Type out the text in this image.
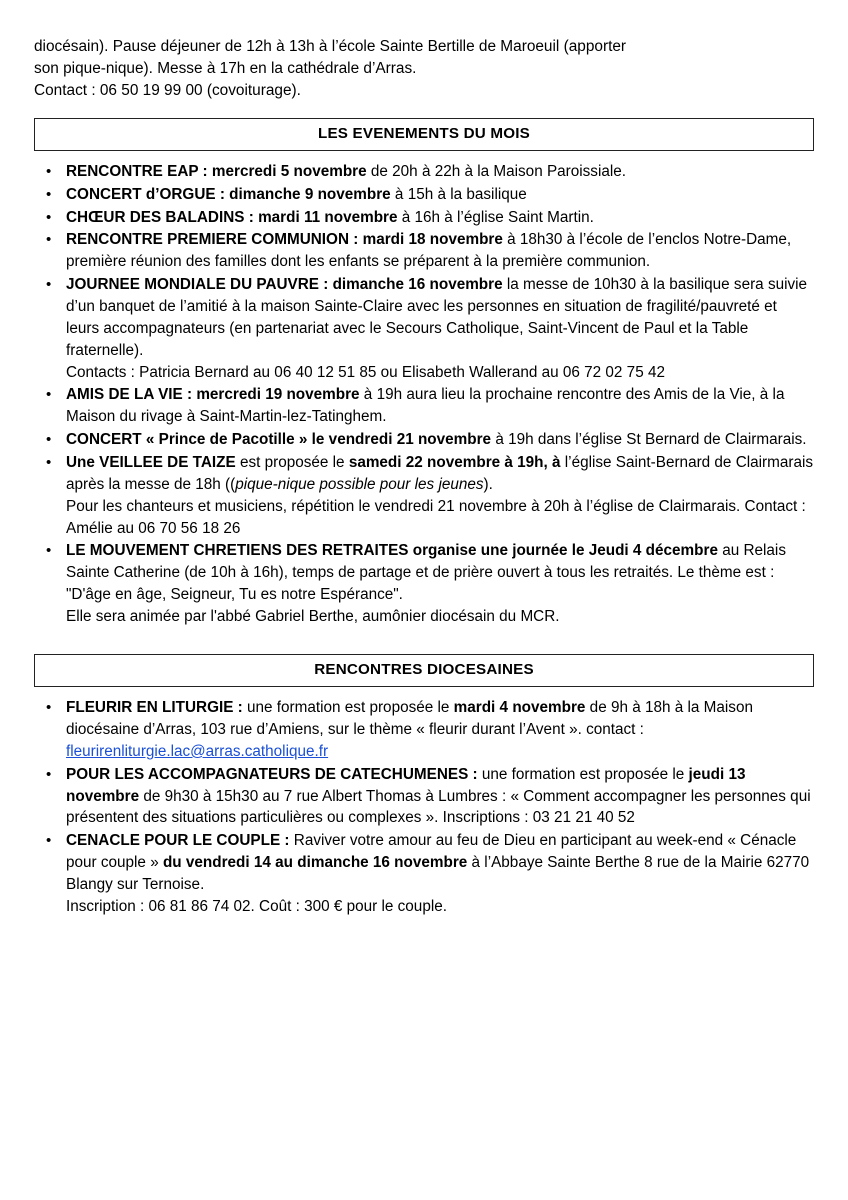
diocésain). Pause déjeuner de 12h à 13h à l’école Sainte Bertille de Maroeuil (apporter

son pique-nique). Messe à 17h en la cathédrale d’Arras.

Contact : 06 50 19 99 00 (covoiturage).

LES EVENEMENTS DU MOIS
• RENCONTRE EAP : mercredi 5 novembre de 20h à 22h à la Maison Paroissiale.
• CONCERT d’ORGUE : dimanche 9 novembre à 15h à la basilique
• CHŒUR DES BALADINS : mardi 11 novembre à 16h à l’église Saint Martin.
• RENCONTRE PREMIERE COMMUNION : mardi 18 novembre à 18h30 à l’école de l’enclos Notre-Dame, première réunion des familles dont les enfants se préparent à la première communion.
• JOURNEE MONDIALE DU PAUVRE : dimanche 16 novembre la messe de 10h30 à la basilique sera suivie d’un banquet de l’amitié à la maison Sainte-Claire avec les personnes en situation de fragilité/pauvreté et leurs accompagnateurs (en partenariat avec le Secours Catholique, Saint-Vincent de Paul et la Table fraternelle).
Contacts : Patricia Bernard au 06 40 12 51 85 ou Elisabeth Wallerand au 06 72 02 75 42
• AMIS DE LA VIE : mercredi 19 novembre à 19h aura lieu la prochaine rencontre des Amis de la Vie, à la Maison du rivage à Saint-Martin-lez-Tatinghem.
• CONCERT « Prince de Pacotille » le vendredi 21 novembre à 19h dans l’église St Bernard de Clairmarais.
• Une VEILLEE DE TAIZE est proposée le samedi 22 novembre à 19h, à l’église Saint-Bernard de Clairmarais après la messe de 18h ((pique-nique possible pour les jeunes).
Pour les chanteurs et musiciens, répétition le vendredi 21 novembre à 20h à l’église de Clairmarais. Contact : Amélie au 06 70 56 18 26
• LE MOUVEMENT CHRETIENS DES RETRAITES organise une journée le Jeudi 4 décembre au Relais Sainte Catherine (de 10h à 16h), temps de partage et de prière ouvert à tous les retraités. Le thème est : "D'âge en âge, Seigneur, Tu es notre Espérance".
Elle sera animée par l'abbé Gabriel Berthe, aumônier diocésain du MCR.
RENCONTRES DIOCESAINES
• FLEURIR EN LITURGIE : une formation est proposée le mardi 4 novembre de 9h à 18h à la Maison diocésaine d’Arras, 103 rue d’Amiens, sur le thème « fleurir durant l’Avent ». contact : fleurirenliturgie.lac@arras.catholique.fr
• POUR LES ACCOMPAGNATEURS DE CATECHUMENES : une formation est proposée le jeudi 13 novembre de 9h30 à 15h30 au 7 rue Albert Thomas à Lumbres : « Comment accompagner les personnes qui présentent des situations particulières ou complexes ». Inscriptions : 03 21 21 40 52
• CENACLE POUR LE COUPLE : Raviver votre amour au feu de Dieu en participant au week-end « Cénacle pour couple » du vendredi 14 au dimanche 16 novembre à l’Abbaye Sainte Berthe 8 rue de la Mairie 62770 Blangy sur Ternoise.
Inscription : 06 81 86 74 02. Coût : 300 € pour le couple.
